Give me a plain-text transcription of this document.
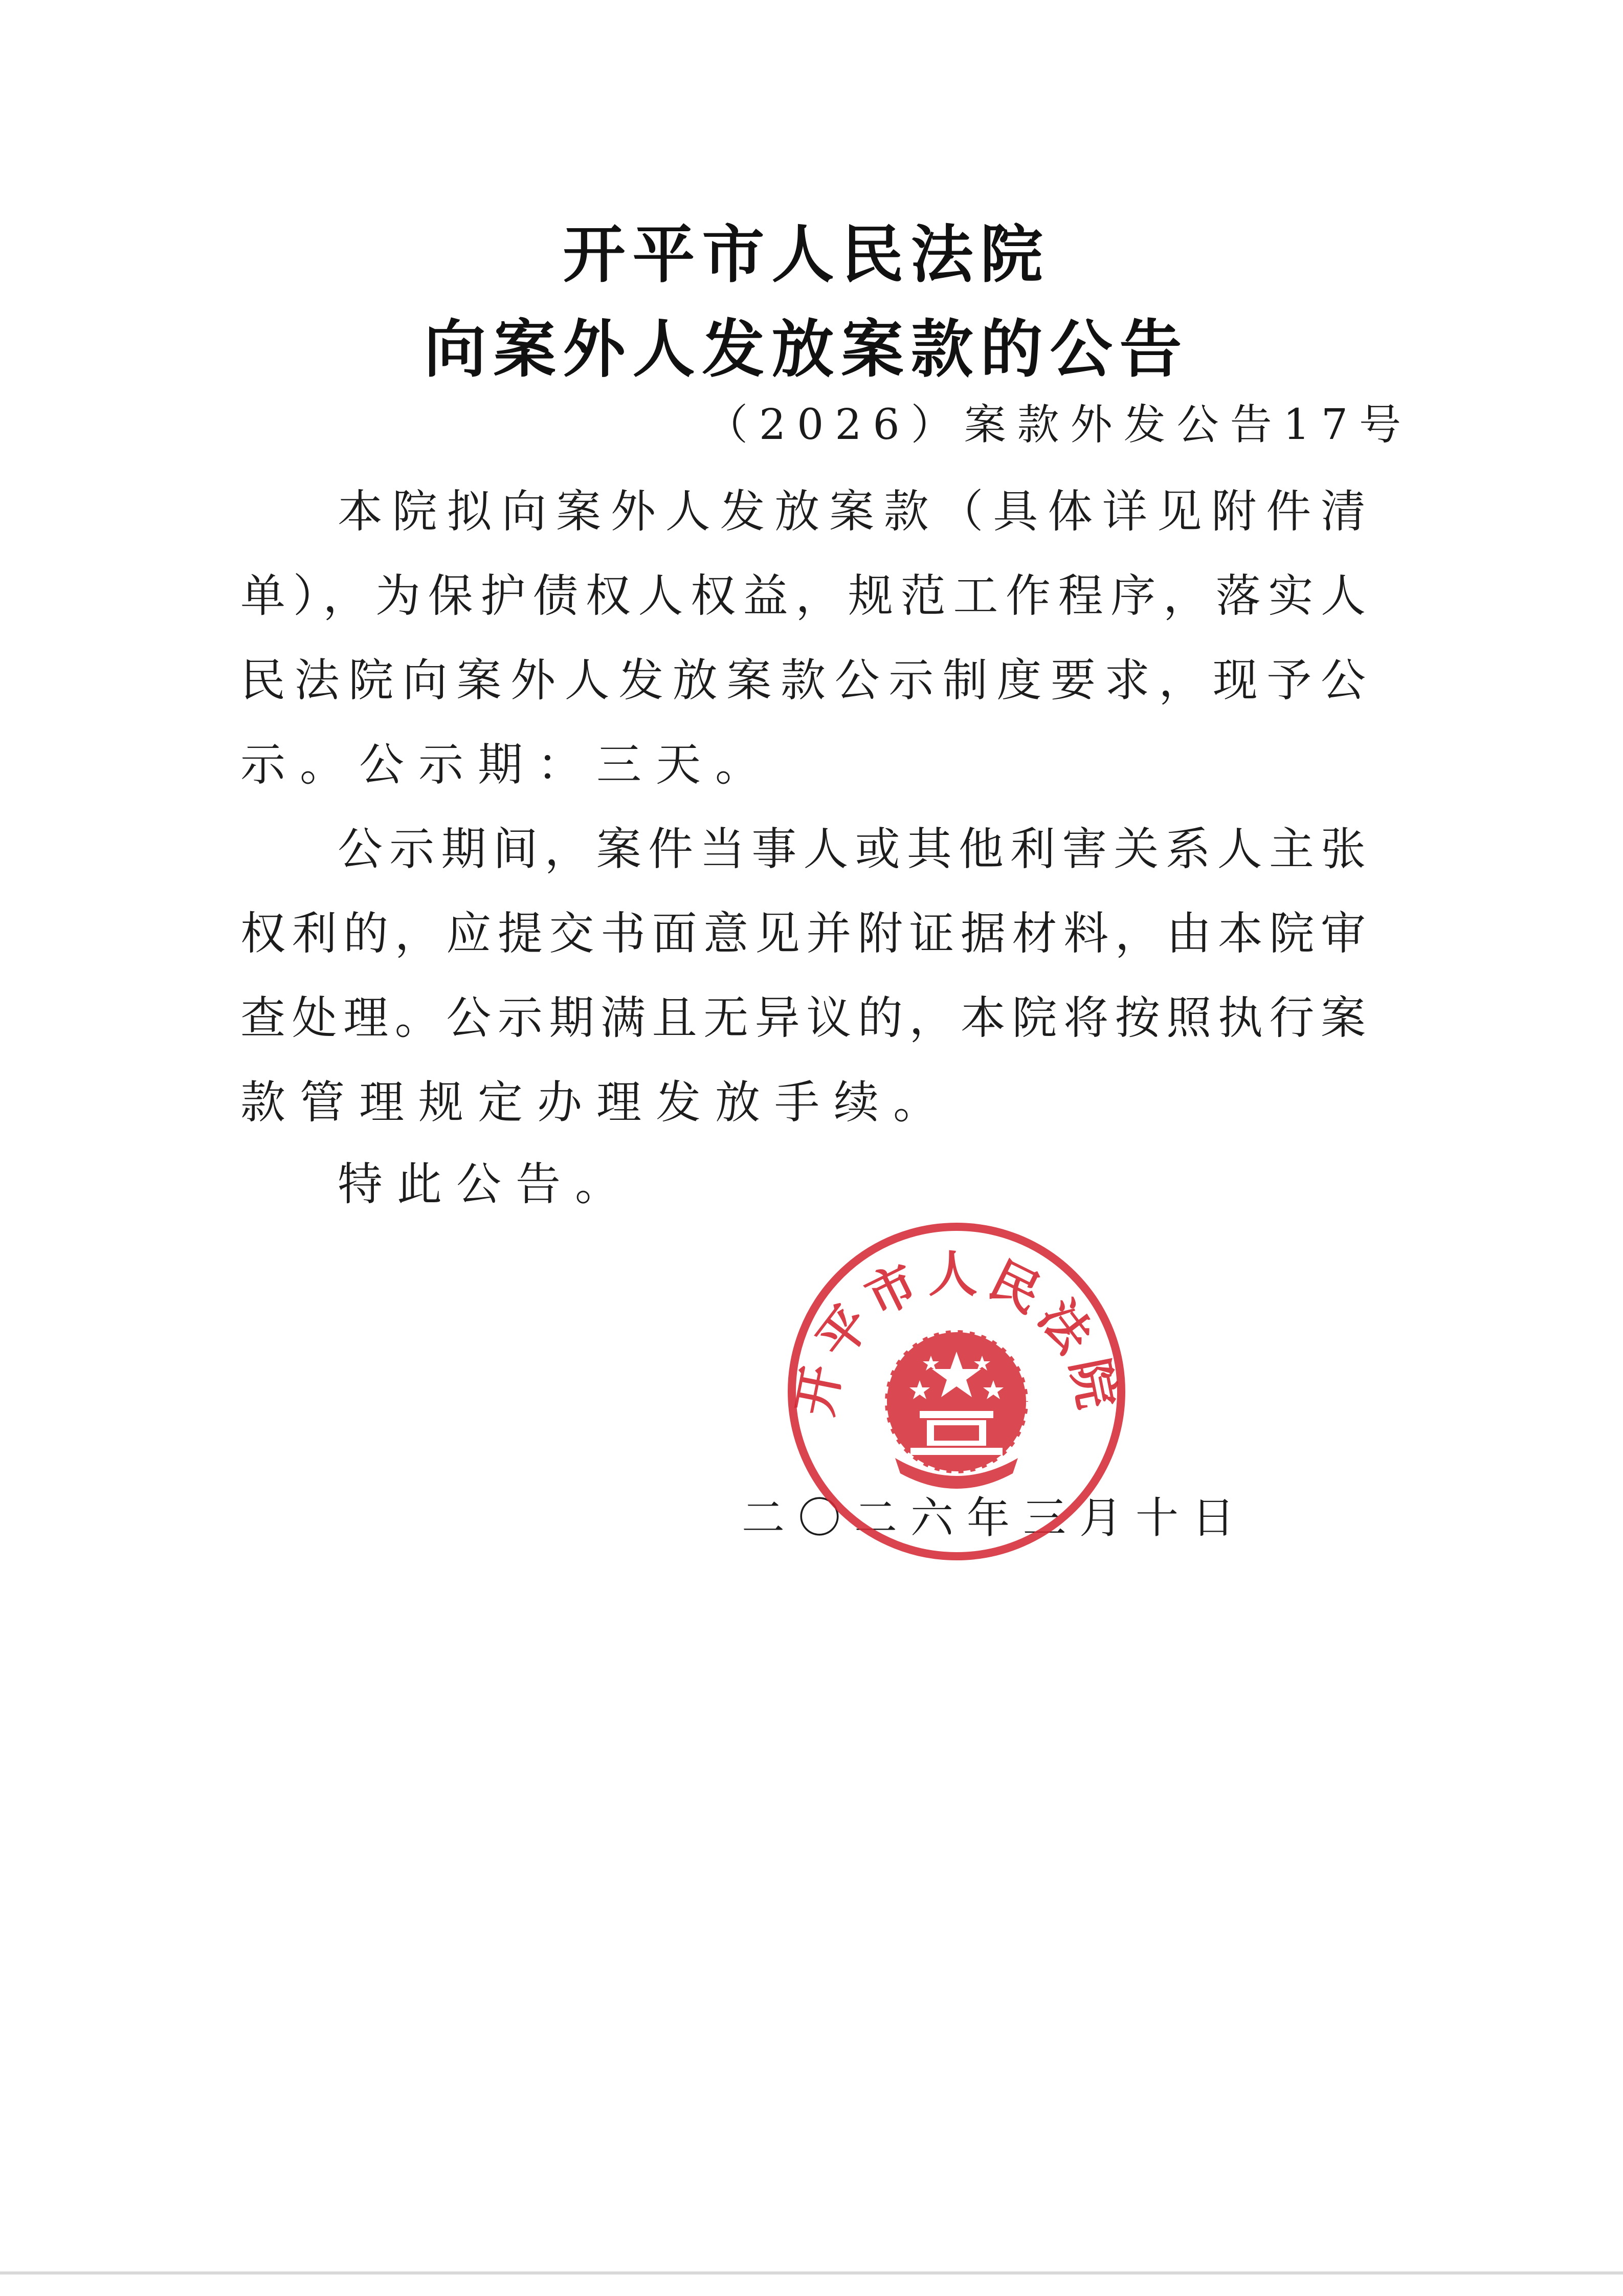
开平市人民法院
向案外人发放案款的公告
（2026）案款外发公告17号
本院拟向案外人发放案款（具体详见附件清
单），为保护债权人权益，规范工作程序，落实人
民法院向案外人发放案款公示制度要求，现予公
示。公示期：三天。
公示期间，案件当事人或其他利害关系人主张
权利的，应提交书面意见并附证据材料，由本院审
查处理。公示期满且无异议的，本院将按照执行案
款管理规定办理发放手续。
特此公告。
二〇二六年三月十日
开平市人民法院
